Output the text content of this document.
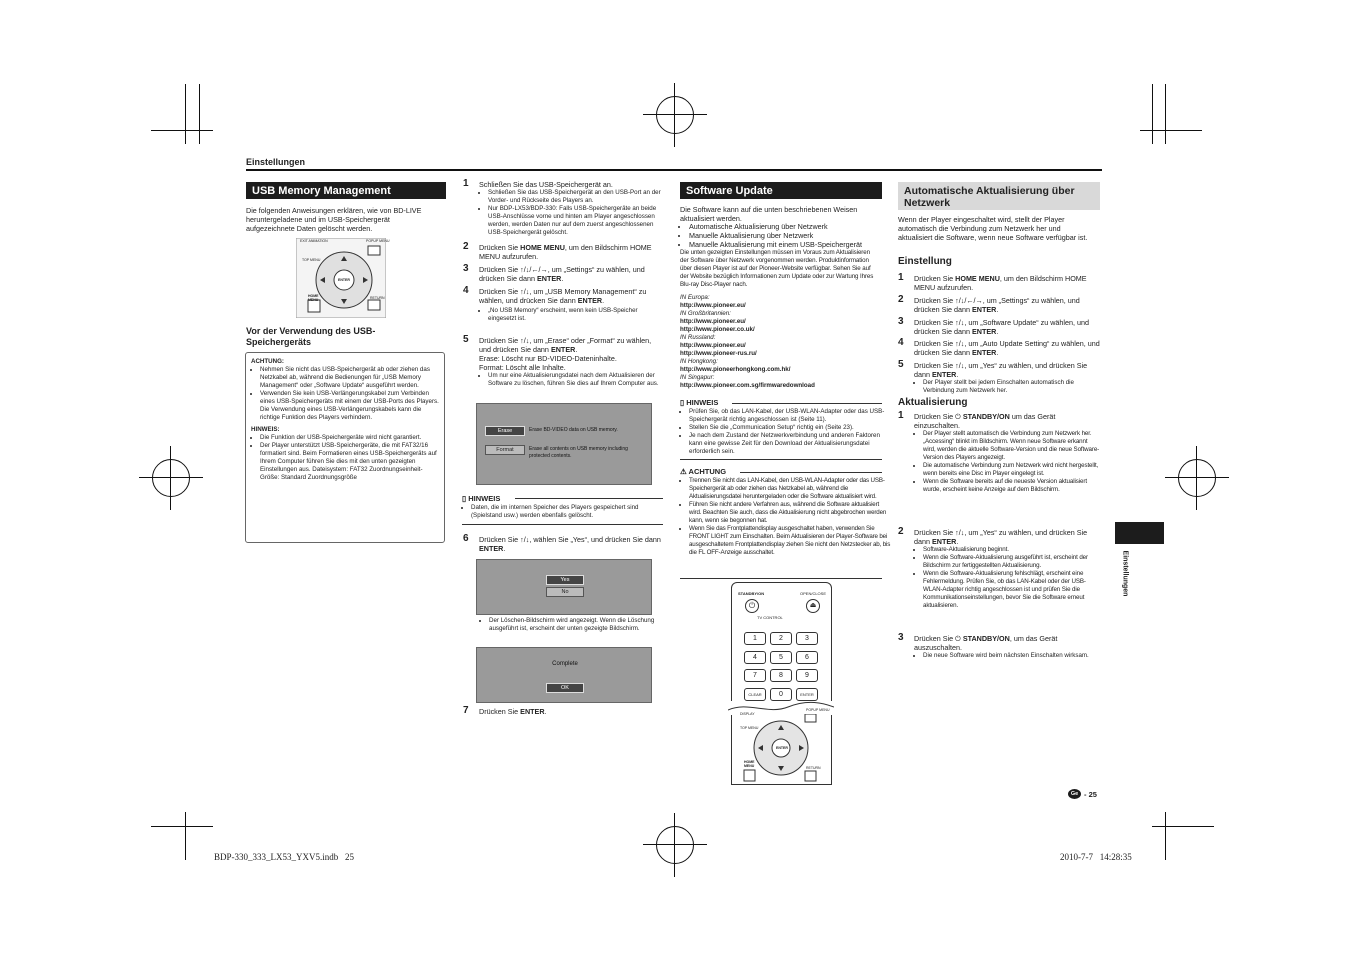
Einstellungen
USB Memory Management
Die folgenden Anweisungen erklären, wie von BD-LIVE heruntergeladene und im USB-Speichergerät aufgezeichnete Daten gelöscht werden.
EXIT ANIMATION	POPUP MENU
TOP MENU
ENTER
HOME MENU	RETURN
Vor der Verwendung des USB-Speichergeräts
ACHTUNG:
• Nehmen Sie nicht das USB-Speichergerät ab oder ziehen das Netzkabel ab, während die Bedienungen für „USB Memory Management“ oder „Software Update“ ausgeführt werden.
• Verwenden Sie kein USB-Verlängerungskabel zum Verbinden eines USB-Speichergeräts mit einem der USB-Ports des Players. Die Verwendung eines USB-Verlängerungskabels kann die richtige Funktion des Players verhindern.
HINWEIS:
• Die Funktion der USB-Speichergeräte wird nicht garantiert.
• Der Player unterstützt USB-Speichergeräte, die mit FAT32/16 formatiert sind. Beim Formatieren eines USB-Speichergeräts auf Ihrem Computer führen Sie dies mit den unten gezeigten Einstellungen aus. Dateisystem: FAT32 Zuordnungseinheit-Größe: Standard Zuordnungsgröße
1 Schließen Sie das USB-Speichergerät an.
• Schließen Sie das USB-Speichergerät an den USB-Port an der Vorder- und Rückseite des Players an.
• Nur BDP-LX53/BDP-330: Falls USB-Speichergeräte an beide USB-Anschlüsse vorne und hinten am Player angeschlossen werden, werden Daten nur auf dem zuerst angeschlossenen USB-Speichergerät gelöscht.
2 Drücken Sie HOME MENU, um den Bildschirm HOME MENU aufzurufen.
3 Drücken Sie ↑/↓/←/→, um „Settings“ zu wählen, und drücken Sie dann ENTER.
4 Drücken Sie ↑/↓, um „USB Memory Management“ zu wählen, und drücken Sie dann ENTER.
• „No USB Memory“ erscheint, wenn kein USB-Speicher eingesetzt ist.
5 Drücken Sie ↑/↓, um „Erase“ oder „Format“ zu wählen, und drücken Sie dann ENTER.
Erase: Löscht nur BD-VIDEO-Dateninhalte.
Format: Löscht alle Inhalte.
• Um nur eine Aktualisierungsdatei nach dem Aktualisieren der Software zu löschen, führen Sie dies auf Ihrem Computer aus.
Erase	Erase BD-VIDEO data on USB memory.
Format	Erase all contents on USB memory including protected contents.
▯ HINWEIS
• Daten, die im internen Speicher des Players gespeichert sind (Spielstand usw.) werden ebenfalls gelöscht.
6 Drücken Sie ↑/↓, wählen Sie „Yes“, und drücken Sie dann ENTER.
Yes
No
• Der Löschen-Bildschirm wird angezeigt. Wenn die Löschung ausgeführt ist, erscheint der unten gezeigte Bildschirm.
Complete
OK
7 Drücken Sie ENTER.
Software Update
Die Software kann auf die unten beschriebenen Weisen aktualisiert werden.
• Automatische Aktualisierung über Netzwerk
• Manuelle Aktualisierung über Netzwerk
• Manuelle Aktualisierung mit einem USB-Speichergerät
Die unten gezeigten Einstellungen müssen im Voraus zum Aktualisieren der Software über Netzwerk vorgenommen werden. Produktinformation über diesen Player ist auf der Pioneer-Website verfügbar. Sehen Sie auf der Website bezüglich Informationen zum Update oder zur Wartung Ihres Blu-ray Disc-Player nach.
IN Europa:
http://www.pioneer.eu/
IN Großbritannien:
http://www.pioneer.eu/
http://www.pioneer.co.uk/
IN Russland:
http://www.pioneer.eu/
http://www.pioneer-rus.ru/
IN Hongkong:
http://www.pioneerhongkong.com.hk/
IN Singapur:
http://www.pioneer.com.sg/firmwaredownload
▯ HINWEIS
• Prüfen Sie, ob das LAN-Kabel, der USB-WLAN-Adapter oder das USB-Speichergerät richtig angeschlossen ist (Seite 11).
• Stellen Sie die „Communication Setup“ richtig ein (Seite 23).
• Je nach dem Zustand der Netzwerkverbindung und anderen Faktoren kann eine gewisse Zeit für den Download der Aktualisierungsdatei erforderlich sein.
⚠ ACHTUNG
• Trennen Sie nicht das LAN-Kabel, den USB-WLAN-Adapter oder das USB-Speichergerät ab oder ziehen das Netzkabel ab, während die Aktualisierungsdatei heruntergeladen oder die Software aktualisiert wird.
• Führen Sie nicht andere Verfahren aus, während die Software aktualisiert wird. Beachten Sie auch, dass die Aktualisierung nicht abgebrochen werden kann, wenn sie begonnen hat.
• Wenn Sie das Frontplattendisplay ausgeschaltet haben, verwenden Sie FRONT LIGHT zum Einschalten. Beim Aktualisieren der Player-Software bei ausgeschaltetem Frontplattendisplay ziehen Sie nicht den Netzstecker ab, bis die FL OFF-Anzeige ausschaltet.
STANDBY/ON
⏻
OPEN/CLOSE
⏏
TV CONTROL
1	2	3
4	5	6
7	8	9
CLEAR	0	ENTER
ENTER
DISPLAY
TOP MENU
POPUP MENU
HOME MENU	RETURN
Automatische Aktualisierung über Netzwerk
Wenn der Player eingeschaltet wird, stellt der Player automatisch die Verbindung zum Netzwerk her und aktualisiert die Software, wenn neue Software verfügbar ist.
Einstellung
1 Drücken Sie HOME MENU, um den Bildschirm HOME MENU aufzurufen.
2 Drücken Sie ↑/↓/←/→, um „Settings“ zu wählen, und drücken Sie dann ENTER.
3 Drücken Sie ↑/↓, um „Software Update“ zu wählen, und drücken Sie dann ENTER.
4 Drücken Sie ↑/↓, um „Auto Update Setting“ zu wählen, und drücken Sie dann ENTER.
5 Drücken Sie ↑/↓, um „Yes“ zu wählen, und drücken Sie dann ENTER.
• Der Player stellt bei jedem Einschalten automatisch die Verbindung zum Netzwerk her.
Aktualisierung
1 Drücken Sie ⏻ STANDBY/ON um das Gerät einzuschalten.
• Der Player stellt automatisch die Verbindung zum Netzwerk her. „Accessing“ blinkt im Bildschirm. Wenn neue Software erkannt wird, werden die aktuelle Software-Version und die neue Software-Version des Players angezeigt.
• Die automatische Verbindung zum Netzwerk wird nicht hergestellt, wenn bereits eine Disc im Player eingelegt ist.
• Wenn die Software bereits auf die neueste Version aktualisiert wurde, erscheint keine Anzeige auf dem Bildschirm.
2 Drücken Sie ↑/↓, um „Yes“ zu wählen, und drücken Sie dann ENTER.
• Software-Aktualisierung beginnt.
• Wenn die Software-Aktualisierung ausgeführt ist, erscheint der Bildschirm zur fertiggestellten Aktualisierung.
• Wenn die Software-Aktualisierung fehlschlägt, erscheint eine Fehlermeldung. Prüfen Sie, ob das LAN-Kabel oder der USB-WLAN-Adapter richtig angeschlossen ist und prüfen Sie die Kommunikationseinstellungen, bevor Sie die Software erneut aktualisieren.
3 Drücken Sie ⏻ STANDBY/ON, um das Gerät auszuschalten.
• Die neue Software wird beim nächsten Einschalten wirksam.
Einstellungen
Ge - 25
BDP-330_333_LX53_YXV5.indb   25	2010-7-7   14:28:35
